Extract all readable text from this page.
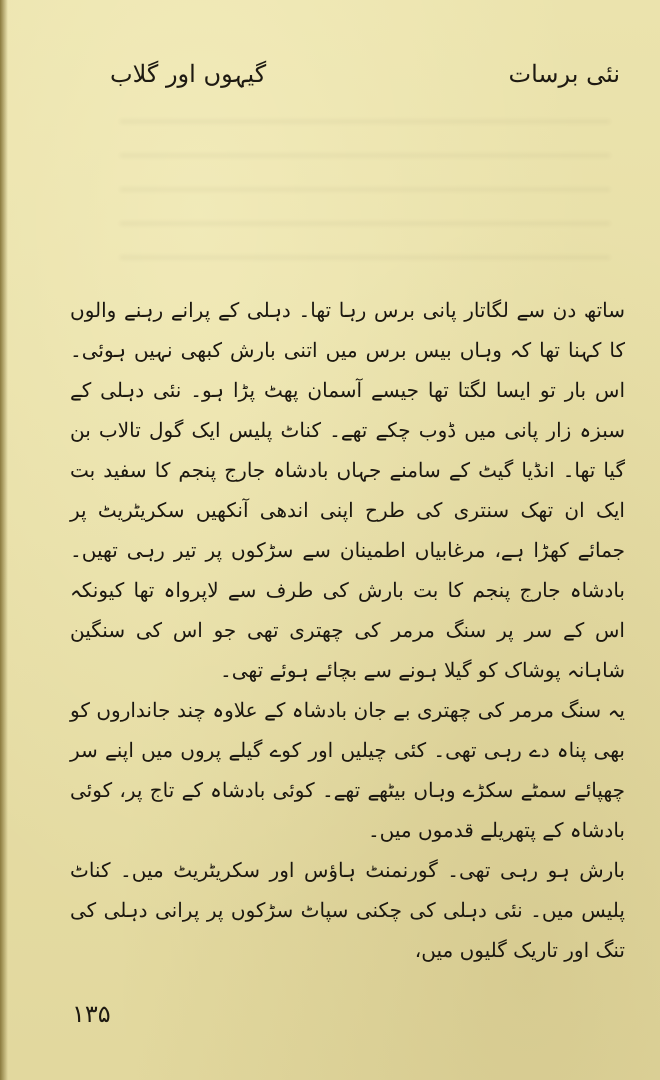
نئی برسات
گیہوں اور گلاب

ساتھ دن سے لگاتار پانی برس رہا تھا۔ دہلی کے پرانے رہنے والوں کا کہنا تھا کہ وہاں بیس برس میں اتنی بارش کبھی نہیں ہوئی۔ اس بار تو ایسا لگتا تھا جیسے آسمان پھٹ پڑا ہو۔ نئی دہلی کے سبزہ زار پانی میں ڈوب چکے تھے۔ کناٹ پلیس ایک گول تالاب بن گیا تھا۔ انڈیا گیٹ کے سامنے جہاں بادشاہ جارج پنجم کا سفید بت ایک ان تھک سنتری کی طرح اپنی اندھی آنکھیں سکریٹریٹ پر جمائے کھڑا ہے، مرغابیاں اطمینان سے سڑکوں پر تیر رہی تھیں۔ بادشاہ جارج پنجم کا بت بارش کی طرف سے لاپرواہ تھا کیونکہ اس کے سر پر سنگ مرمر کی چھتری تھی جو اس کی سنگین شاہانہ پوشاک کو گیلا ہونے سے بچائے ہوئے تھی۔

یہ سنگ مرمر کی چھتری بے جان بادشاہ کے علاوہ چند جانداروں کو بھی پناہ دے رہی تھی۔ کئی چیلیں اور کوے گیلے پروں میں اپنے سر چھپائے سمٹے سکڑے وہاں بیٹھے تھے۔ کوئی بادشاہ کے تاج پر، کوئی بادشاہ کے پتھریلے قدموں میں۔

بارش ہو رہی تھی۔ گورنمنٹ ہاؤس اور سکریٹریٹ میں۔ کناٹ پلیس میں۔ نئی دہلی کی چکنی سپاٹ سڑکوں پر پرانی دہلی کی تنگ اور تاریک گلیوں میں،

۱۳۵
